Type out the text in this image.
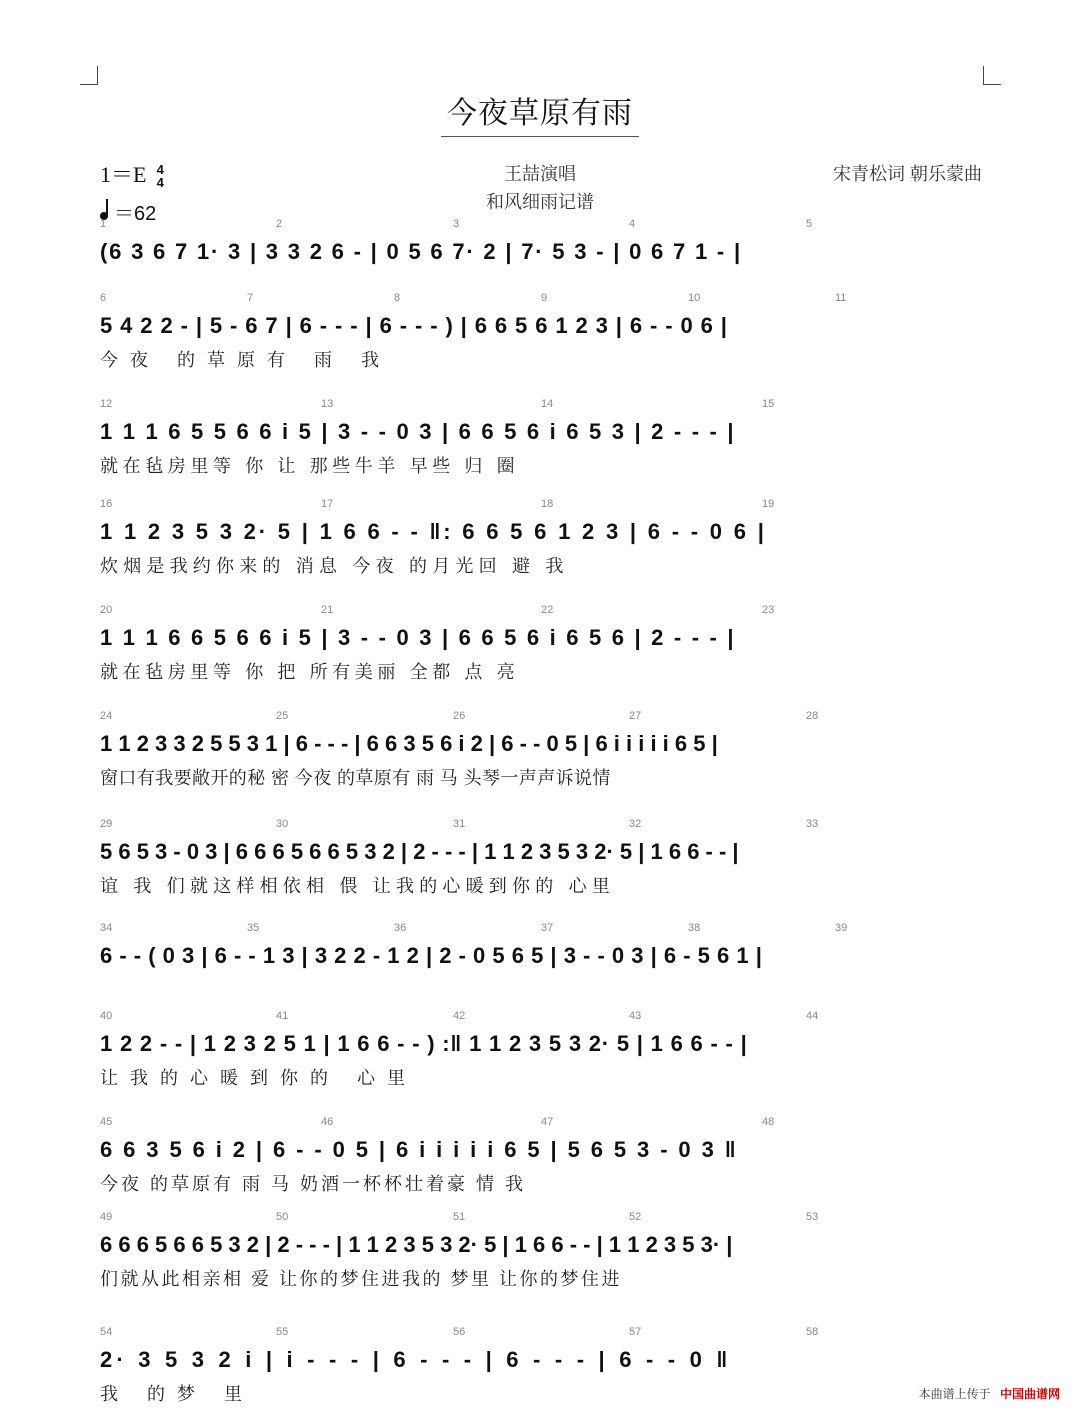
今夜草原有雨
1＝E 4
4
＝62
王喆演唱
和风细雨记谱
宋青松词 朝乐蒙曲
1	2	3	4	5
(6 3 6 7 1· 3 | 3 3 2 6 - | 0 5 6 7· 2 | 7· 5 3 - | 0 6 7 1 - |
6	7	8	9	10	11
5 4 2 2 - | 5 - 6 7 | 6 - - - | 6 - - - ) | 6 6 5 6 1 2 3 | 6 - - 0 6 |
今夜 的草原有 雨 我
12	13	14	15
1 1 1 6 5 5 6 6 i 5 | 3 - - 0 3 | 6 6 5 6 i 6 5 3 | 2 - - - |
就在毡房里等 你 让 那些牛羊 早些 归 圈
16	17	18	19
1 1 2 3 5 3 2· 5 | 1 6 6 - - ‖: 6 6 5 6 1 2 3 | 6 - - 0 6 |
炊烟是我约你来的 消息 今夜 的月光回 避 我
20	21	22	23
1 1 1 6 6 5 6 6 i 5 | 3 - - 0 3 | 6 6 5 6 i 6 5 6 | 2 - - - |
就在毡房里等 你 把 所有美丽 全都 点 亮
24	25	26	27	28
1 1 2 3 3 2 5 5 3 1 | 6 - - - | 6 6 3 5 6 i 2 | 6 - - 0 5 | 6 i i i i i 6 5 |
窗口有我要敞开的秘 密 今夜 的草原有 雨 马 头琴一声声诉说情
29	30	31	32	33
5 6 5 3 - 0 3 | 6 6 6 5 6 6 5 3 2 | 2 - - - | 1 1 2 3 5 3 2· 5 | 1 6 6 - - |
谊 我 们就这样相依相 偎 让我的心暖到你的 心里
34	35	36	37	38	39
6 - - ( 0 3 | 6 - - 1 3 | 3 2 2 - 1 2 | 2 - 0 5 6 5 | 3 - - 0 3 | 6 - 5 6 1 |
40	41	42	43	44
1 2 2 - - | 1 2 3 2 5 1 | 1 6 6 - - ) :‖ 1 1 2 3 5 3 2· 5 | 1 6 6 - - |
让我的心暖到你的 心里
45	46	47	48
6 6 3 5 6 i 2 | 6 - - 0 5 | 6 i i i i i 6 5 | 5 6 5 3 - 0 3 ‖
今夜 的草原有 雨 马 奶酒一杯杯壮着豪 情 我
49	50	51	52	53
6 6 6 5 6 6 5 3 2 | 2 - - - | 1 1 2 3 5 3 2· 5 | 1 6 6 - - | 1 1 2 3 5 3· |
们就从此相亲相 爱 让你的梦住进我的 梦里 让你的梦住进
54	55	56	57	58
2· 3 5 3 2 i | i - - - | 6 - - - | 6 - - - | 6 - - 0 ‖
我 的梦 里	本曲谱上传于 中国曲谱网
